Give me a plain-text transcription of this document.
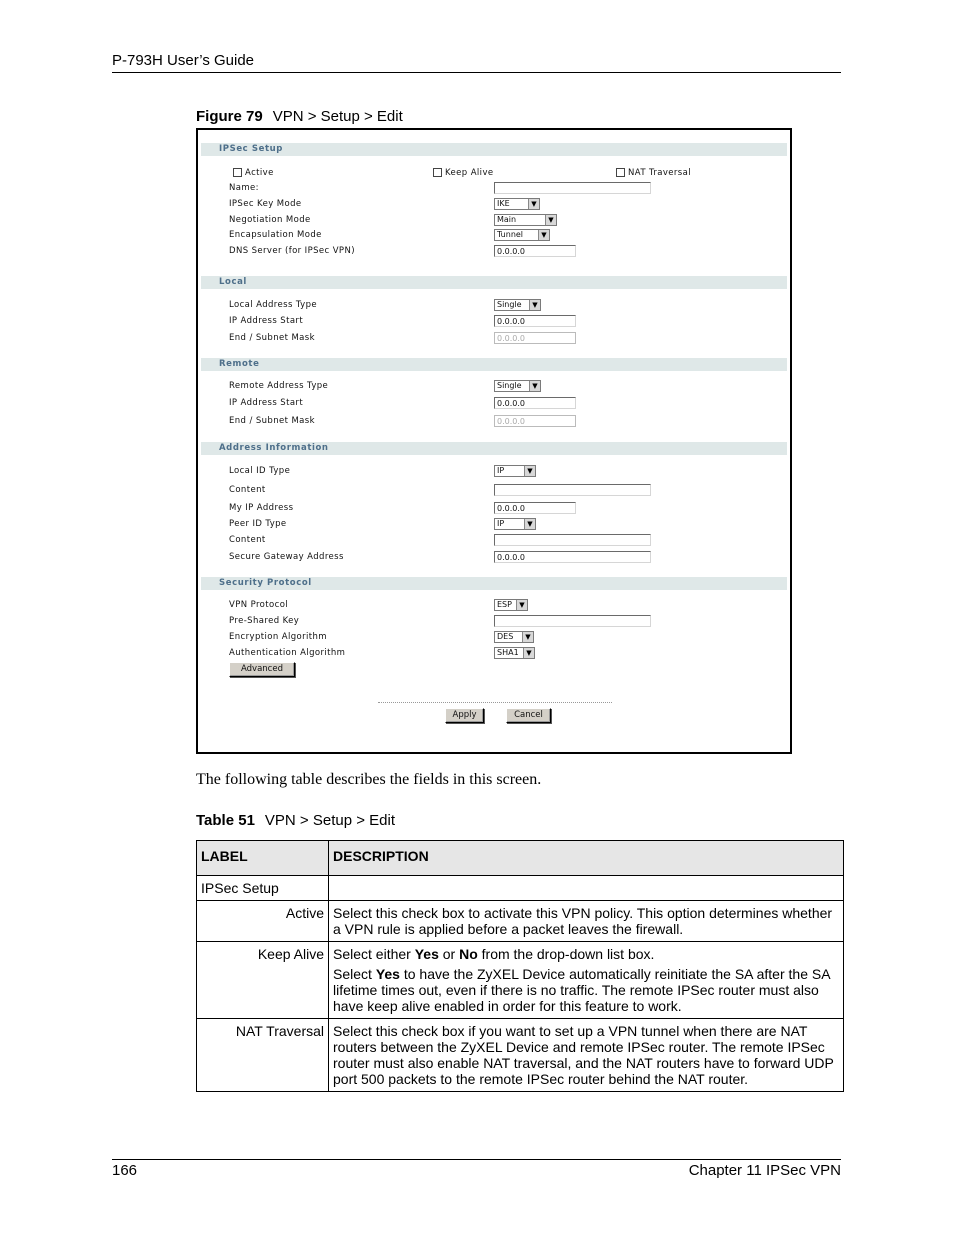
P-793H User’s Guide
Figure 79 VPN > Setup > Edit
IPSec Setup
Active	Keep Alive	NAT Traversal
Name:
IPSec Key Mode	IKE	▼
Negotiation Mode	Main	▼
Encapsulation Mode	Tunnel	▼
DNS Server (for IPSec VPN)	0.0.0.0
Local
Local Address Type	Single	▼
IP Address Start	0.0.0.0
End / Subnet Mask	0.0.0.0
Remote
Remote Address Type	Single	▼
IP Address Start	0.0.0.0
End / Subnet Mask	0.0.0.0
Address Information
Local ID Type	IP	▼
Content
My IP Address	0.0.0.0
Peer ID Type	IP	▼
Content
Secure Gateway Address	0.0.0.0
Security Protocol
VPN Protocol	ESP	▼
Pre-Shared Key
Encryption Algorithm	DES	▼
Authentication Algorithm	SHA1	▼
Advanced
Apply	Cancel
The following table describes the fields in this screen.
Table 51 VPN > Setup > Edit
LABEL	DESCRIPTION
IPSec Setup	
Active	Select this check box to activate this VPN policy. This option determines whether a VPN rule is applied before a packet leaves the firewall.
Keep Alive	Select either Yes or No from the drop-down list box.

Select Yes to have the ZyXEL Device automatically reinitiate the SA after the SA lifetime times out, even if there is no traffic. The remote IPSec router must also have keep alive enabled in order for this feature to work.

NAT Traversal	Select this check box if you want to set up a VPN tunnel when there are NAT routers between the ZyXEL Device and remote IPSec router. The remote IPSec router must also enable NAT traversal, and the NAT routers have to forward UDP port 500 packets to the remote IPSec router behind the NAT router.
166	Chapter 11 IPSec VPN
